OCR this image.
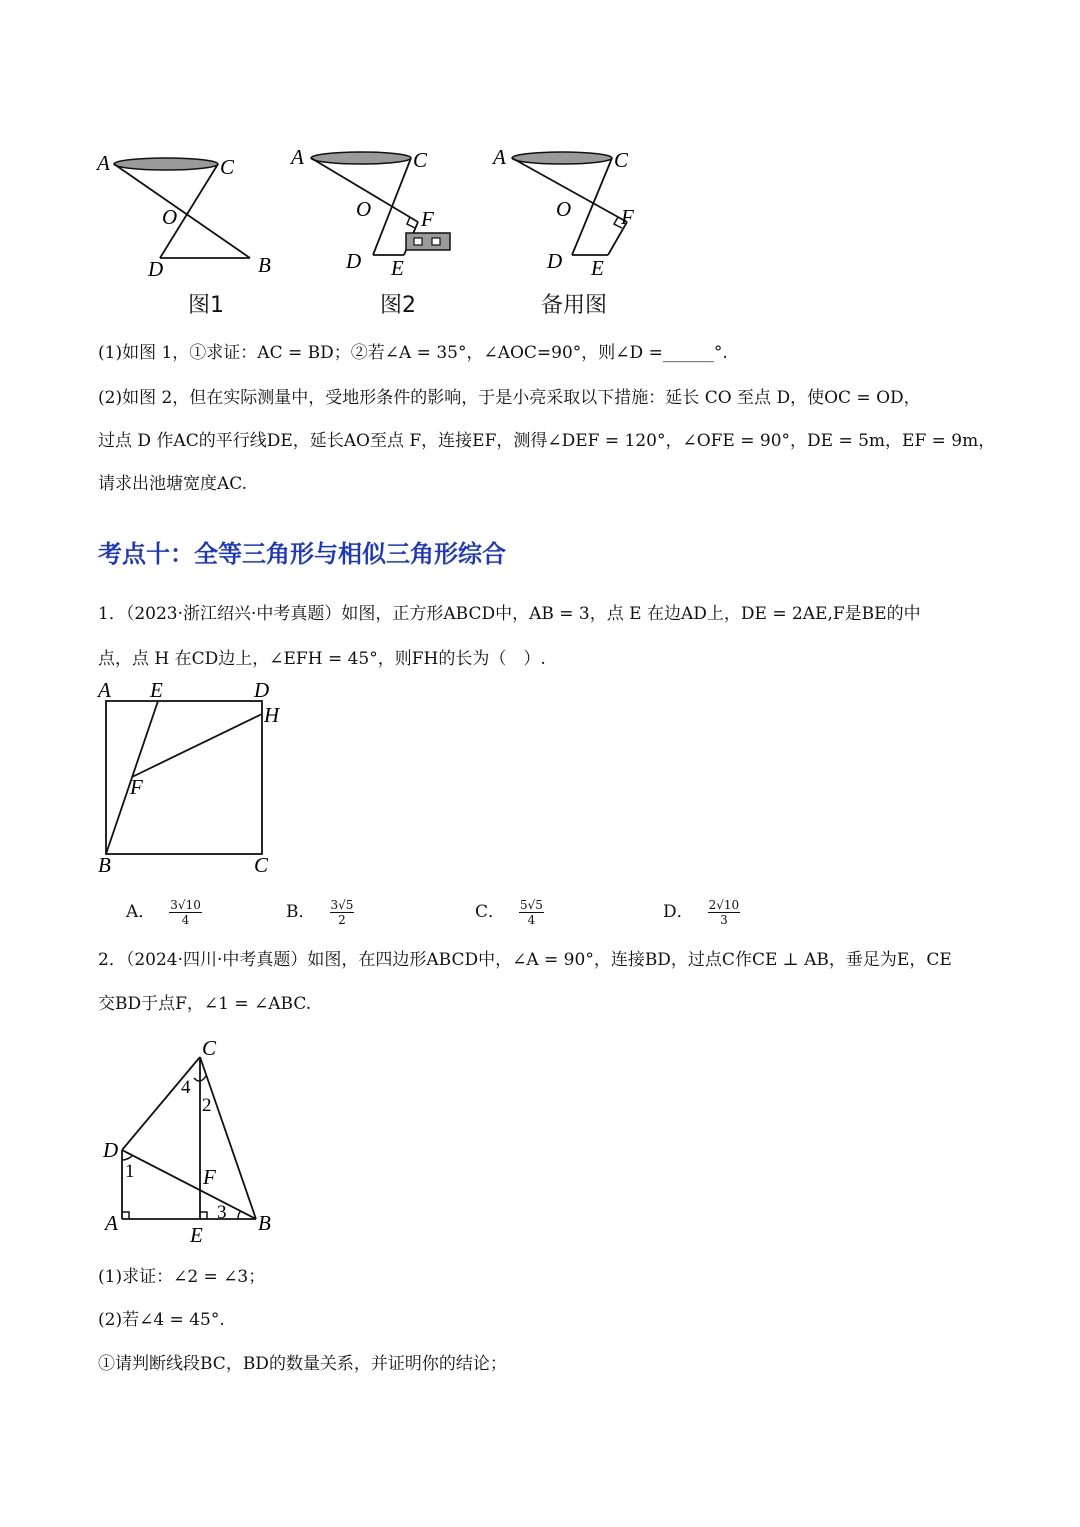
A	C
O
D	B
A	C
O F
D E
A	C
O F
D E
图1	图2	备用图
(1)如图 1，①求证：AC = BD；②若∠A = 35°，∠AOC=90°，则∠D =______°.
(2)如图 2，但在实际测量中，受地形条件的影响，于是小亮采取以下措施：延长 CO 至点 D，使OC = OD，
过点 D 作AC的平行线DE，延长AO至点 F，连接EF，测得∠DEF = 120°，∠OFE = 90°，DE = 5m，EF = 9m，
请求出池塘宽度AC.
考点十：全等三角形与相似三角形综合
1．（2023·浙江绍兴·中考真题）如图，正方形ABCD中，AB = 3，点 E 在边AD上，DE = 2AE,F是BE的中
点，点 H 在CD边上，∠EFH = 45°，则FH的长为（　）.
A E	D
H
F
B	C
A． $\frac{3√10}{4}$	B． $\frac{3√5}{2}$	C． $\frac{5√5}{4}$	D． $\frac{2√10}{3}$
2．（2024·四川·中考真题）如图，在四边形ABCD中，∠A = 90°，连接BD，过点C作CE ⊥ AB，垂足为E，CE
交BD于点F，∠1 = ∠ABC.
C
D
A	E	B
F
1
2
3
4
(1)求证：∠2 = ∠3；
(2)若∠4 = 45°.
①请判断线段BC，BD的数量关系，并证明你的结论；
